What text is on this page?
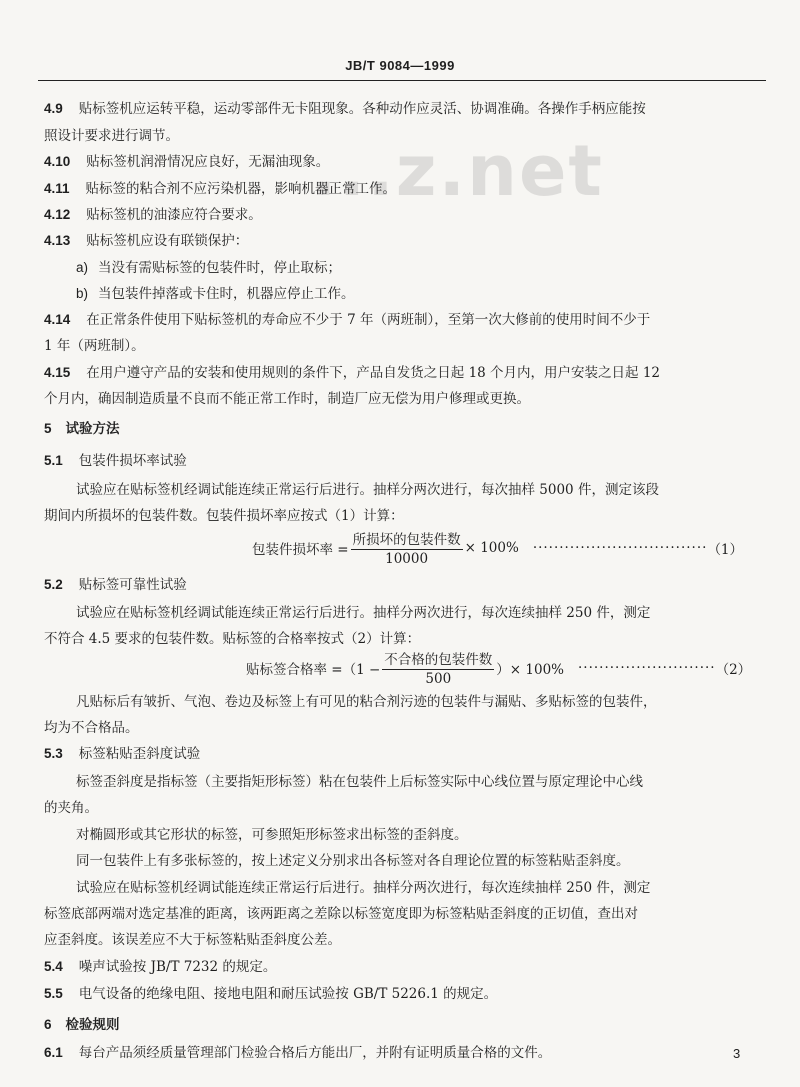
JB/T 9084—1999
...z.net
4.9 贴标签机应运转平稳，运动零部件无卡阻现象。各种动作应灵活、协调准确。各操作手柄应能按
照设计要求进行调节。
4.10 贴标签机润滑情况应良好，无漏油现象。
4.11 贴标签的粘合剂不应污染机器，影响机器正常工作。
4.12 贴标签机的油漆应符合要求。
4.13 贴标签机应设有联锁保护：
a) 当没有需贴标签的包装件时，停止取标；
b) 当包装件掉落或卡住时，机器应停止工作。
4.14 在正常条件使用下贴标签机的寿命应不少于 7 年（两班制），至第一次大修前的使用时间不少于
1 年（两班制）。
4.15 在用户遵守产品的安装和使用规则的条件下，产品自发货之日起 18 个月内，用户安装之日起 12
个月内，确因制造质量不良而不能正常工作时，制造厂应无偿为用户修理或更换。
5 试验方法
5.1 包装件损坏率试验
试验应在贴标签机经调试能连续正常运行后进行。抽样分两次进行，每次抽样 5000 件，测定该段
期间内所损坏的包装件数。包装件损坏率应按式（1）计算：
包装件损坏率 = $\frac{\text{所损坏的包装件数}}{10000} \times 100\%$ ································· （1）
5.2 贴标签可靠性试验
试验应在贴标签机经调试能连续正常运行后进行。抽样分两次进行，每次连续抽样 250 件，测定
不符合 4.5 要求的包装件数。贴标签的合格率按式（2）计算：
贴标签合格率 $=(1 - \frac{\text{不合格的包装件数}}{500}$ ）× 100% ·························· （2）
凡贴标后有皱折、气泡、卷边及标签上有可见的粘合剂污迹的包装件与漏贴、多贴标签的包装件，
均为不合格品。
5.3 标签粘贴歪斜度试验
标签歪斜度是指标签（主要指矩形标签）粘在包装件上后标签实际中心线位置与原定理论中心线
的夹角。
对椭圆形或其它形状的标签，可参照矩形标签求出标签的歪斜度。
同一包装件上有多张标签的，按上述定义分别求出各标签对各自理论位置的标签粘贴歪斜度。
试验应在贴标签机经调试能连续正常运行后进行。抽样分两次进行，每次连续抽样 250 件，测定
标签底部两端对选定基准的距离，该两距离之差除以标签宽度即为标签粘贴歪斜度的正切值，查出对
应歪斜度。该误差应不大于标签粘贴歪斜度公差。
5.4 噪声试验按 JB/T 7232 的规定。
5.5 电气设备的绝缘电阻、接地电阻和耐压试验按 GB/T 5226.1 的规定。
6 检验规则
6.1 每台产品须经质量管理部门检验合格后方能出厂，并附有证明质量合格的文件。	3
